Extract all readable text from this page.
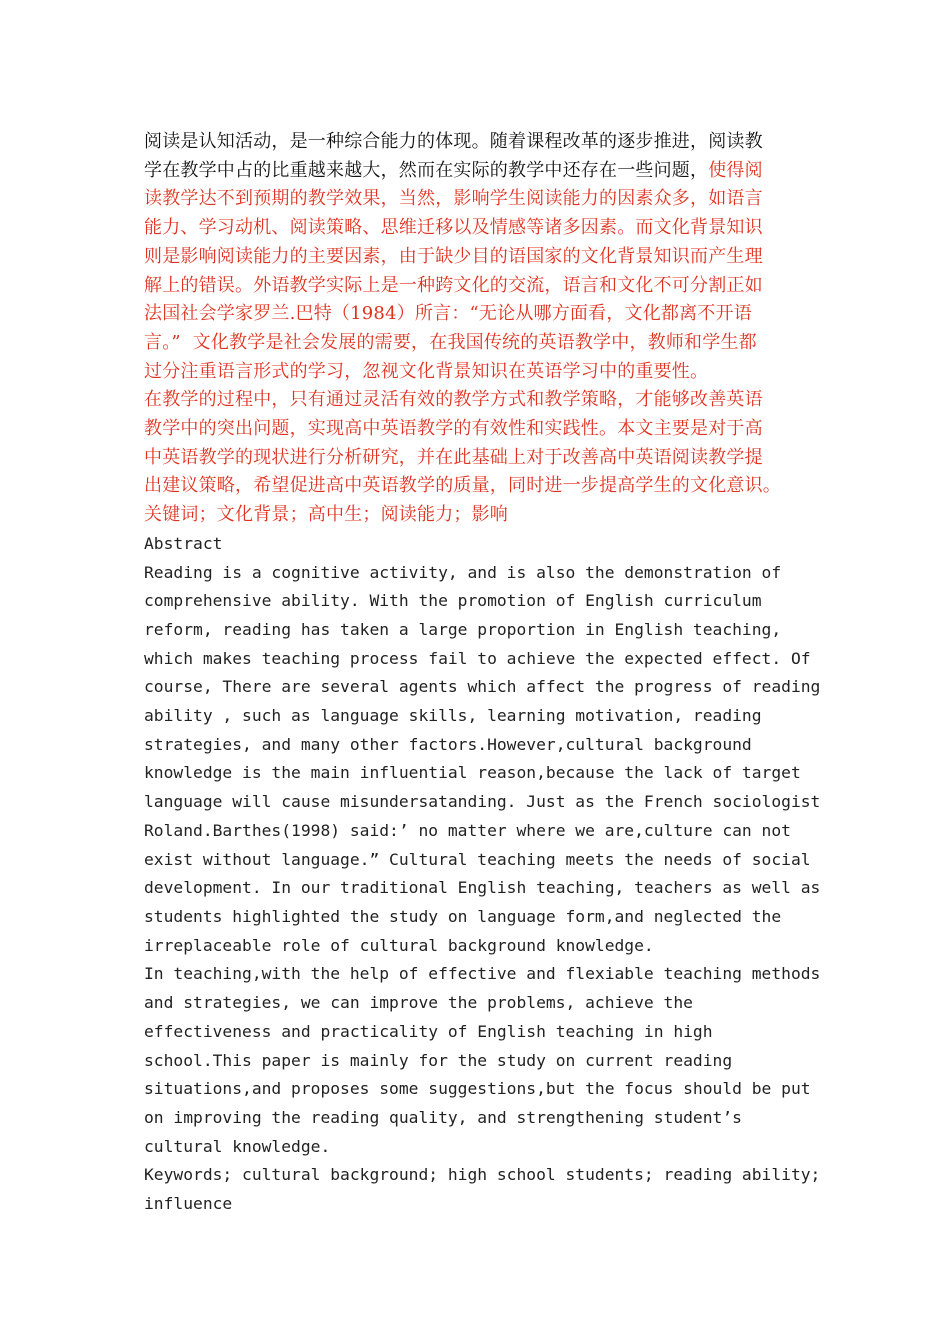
阅读是认知活动，是一种综合能力的体现。随着课程改革的逐步推进，阅读教
学在教学中占的比重越来越大，然而在实际的教学中还存在一些问题，使得阅
读教学达不到预期的教学效果，当然，影响学生阅读能力的因素众多，如语言
能力、学习动机、阅读策略、思维迁移以及情感等诸多因素。而文化背景知识
则是影响阅读能力的主要因素，由于缺少目的语国家的文化背景知识而产生理
解上的错误。外语教学实际上是一种跨文化的交流，语言和文化不可分割正如
法国社会学家罗兰.巴特（1984）所言：“无论从哪方面看，文化都离不开语
言。”  文化教学是社会发展的需要，在我国传统的英语教学中，教师和学生都
过分注重语言形式的学习，忽视文化背景知识在英语学习中的重要性。
在教学的过程中，只有通过灵活有效的教学方式和教学策略，才能够改善英语
教学中的突出问题，实现高中英语教学的有效性和实践性。本文主要是对于高
中英语教学的现状进行分析研究，并在此基础上对于改善高中英语阅读教学提
出建议策略，希望促进高中英语教学的质量，同时进一步提高学生的文化意识。
关键词；文化背景；高中生；阅读能力；影响
Abstract
Reading is a cognitive activity, and is also the demonstration of
comprehensive ability. With the promotion of English curriculum
reform, reading has taken a large proportion in English teaching,
which makes teaching process fail to achieve the expected effect. Of
course, There are several agents which affect the progress of reading
ability , such as language skills, learning motivation, reading
strategies, and many other factors.However,cultural background
knowledge is the main influential reason,because the lack of target
language will cause misundersatanding. Just as the French sociologist
Roland.Barthes(1998) said:’ no matter where we are,culture can not
exist without language.” Cultural teaching meets the needs of social
development. In our traditional English teaching, teachers as well as
students highlighted the study on language form,and neglected the
irreplaceable role of cultural background knowledge.
In teaching,with the help of effective and flexiable teaching methods
and strategies, we can improve the problems, achieve the
effectiveness and practicality of English teaching in high
school.This paper is mainly for the study on current reading
situations,and proposes some suggestions,but the focus should be put
on improving the reading quality, and strengthening student’s
cultural knowledge.
Keywords; cultural background; high school students; reading ability;
influence
